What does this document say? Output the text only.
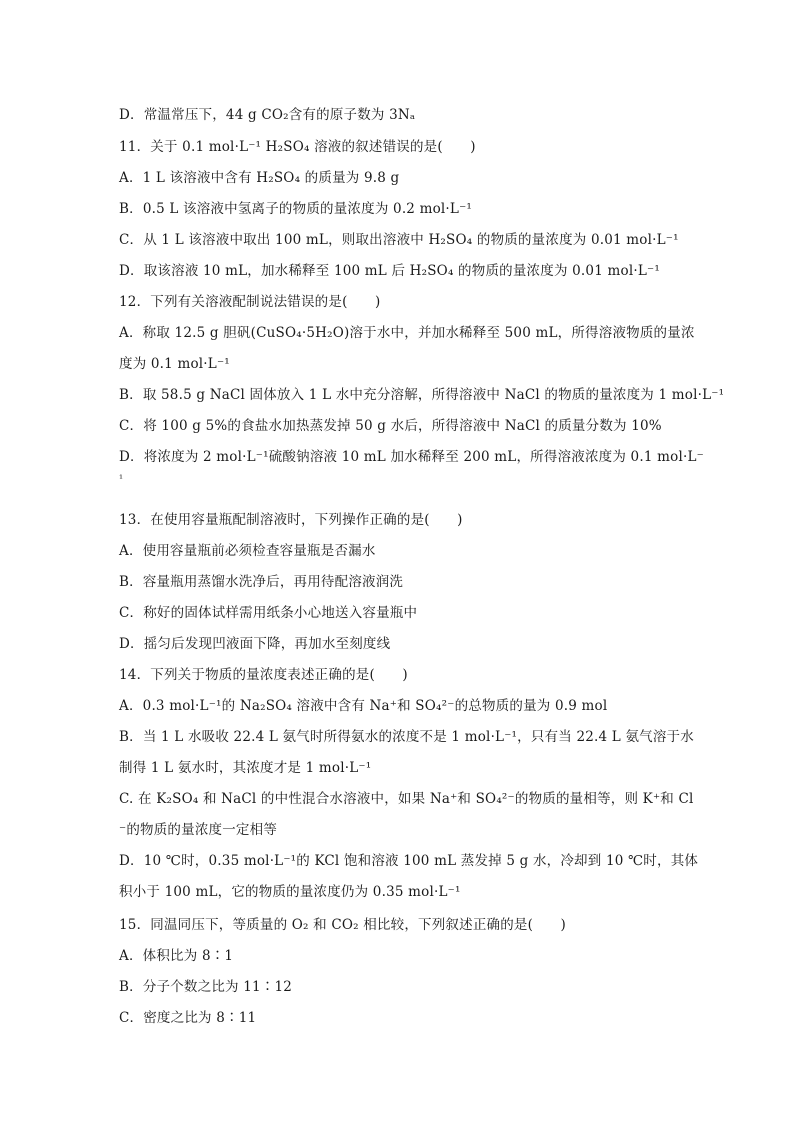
D．常温常压下，44 g CO₂含有的原子数为 3Nₐ
11．关于 0.1 mol·L⁻¹ H₂SO₄ 溶液的叙述错误的是(　　)
A．1 L 该溶液中含有 H₂SO₄ 的质量为 9.8 g
B．0.5 L 该溶液中氢离子的物质的量浓度为 0.2 mol·L⁻¹
C．从 1 L 该溶液中取出 100 mL，则取出溶液中 H₂SO₄ 的物质的量浓度为 0.01 mol·L⁻¹
D．取该溶液 10 mL，加水稀释至 100 mL 后 H₂SO₄ 的物质的量浓度为 0.01 mol·L⁻¹
12．下列有关溶液配制说法错误的是(　　)
A．称取 12.5 g 胆矾(CuSO₄·5H₂O)溶于水中，并加水稀释至 500 mL，所得溶液物质的量浓
度为 0.1 mol·L⁻¹
B．取 58.5 g NaCl 固体放入 1 L 水中充分溶解，所得溶液中 NaCl 的物质的量浓度为 1 mol·L⁻¹
C．将 100 g 5%的食盐水加热蒸发掉 50 g 水后，所得溶液中 NaCl 的质量分数为 10%
D．将浓度为 2 mol·L⁻¹硫酸钠溶液 10 mL 加水稀释至 200 mL，所得溶液浓度为 0.1 mol·L⁻
¹
13．在使用容量瓶配制溶液时，下列操作正确的是(　　)
A．使用容量瓶前必须检查容量瓶是否漏水
B．容量瓶用蒸馏水洗净后，再用待配溶液润洗
C．称好的固体试样需用纸条小心地送入容量瓶中
D．摇匀后发现凹液面下降，再加水至刻度线
14．下列关于物质的量浓度表述正确的是(　　)
A．0.3 mol·L⁻¹的 Na₂SO₄ 溶液中含有 Na⁺和 SO₄²⁻的总物质的量为 0.9 mol
B．当 1 L 水吸收 22.4 L 氨气时所得氨水的浓度不是 1 mol·L⁻¹，只有当 22.4 L 氨气溶于水
制得 1 L 氨水时，其浓度才是 1 mol·L⁻¹
C. 在 K₂SO₄ 和 NaCl 的中性混合水溶液中，如果 Na⁺和 SO₄²⁻的物质的量相等，则 K⁺和 Cl
⁻的物质的量浓度一定相等
D．10 ℃时，0.35 mol·L⁻¹的 KCl 饱和溶液 100 mL 蒸发掉 5 g 水，冷却到 10 ℃时，其体
积小于 100 mL，它的物质的量浓度仍为 0.35 mol·L⁻¹
15．同温同压下，等质量的 O₂ 和 CO₂ 相比较，下列叙述正确的是(　　)
A．体积比为 8∶1
B．分子个数之比为 11∶12
C．密度之比为 8∶11
